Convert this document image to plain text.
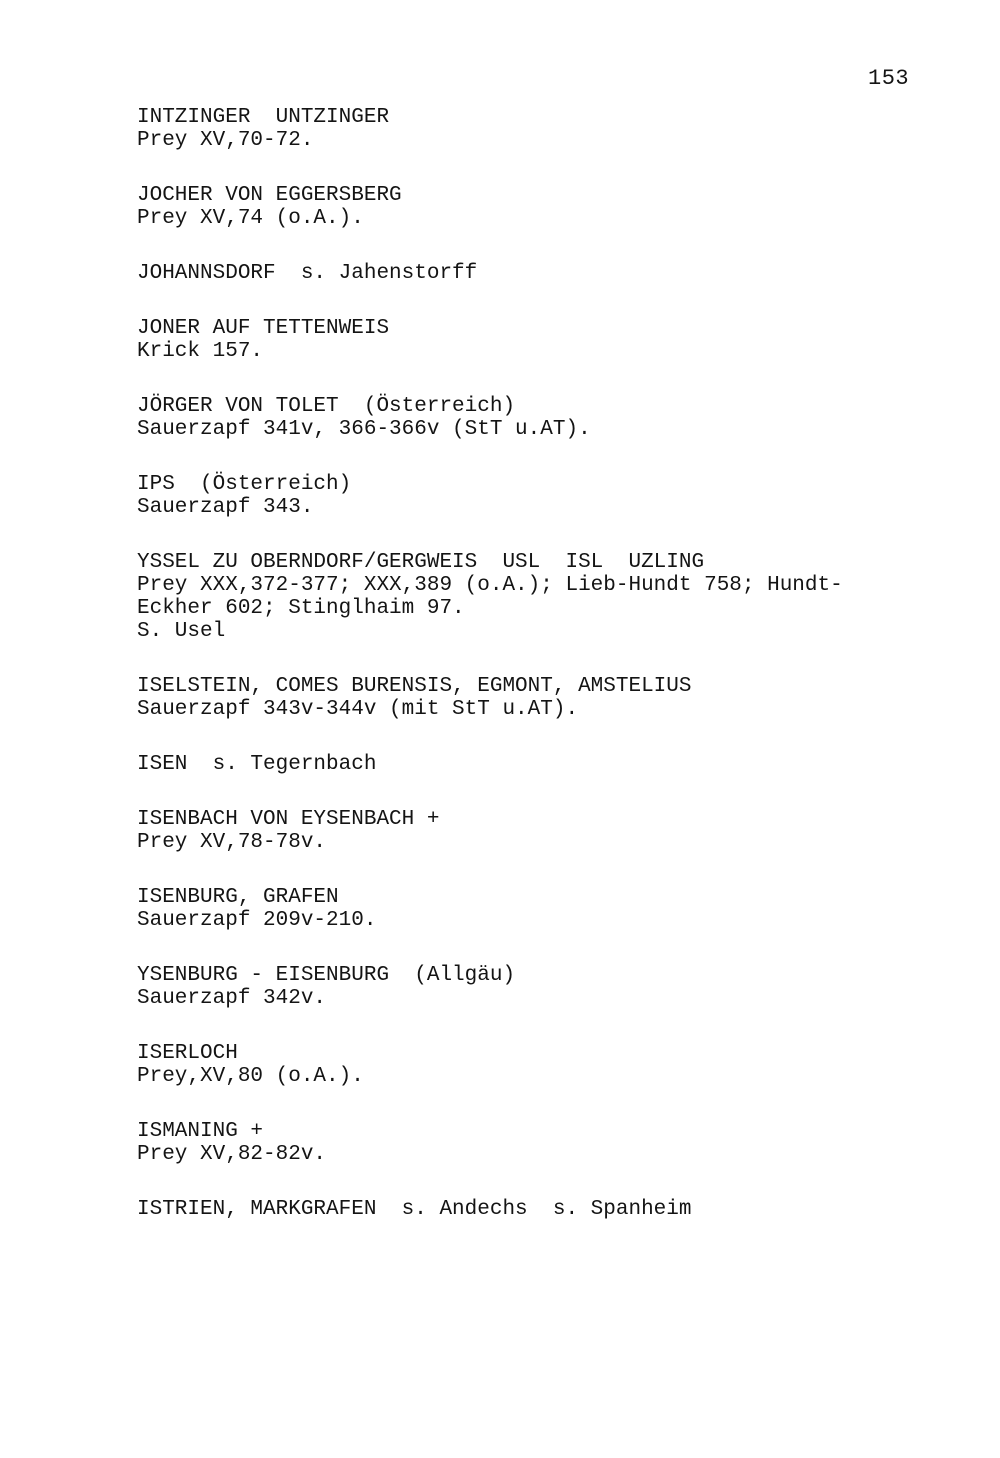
153
INTZINGER  UNTZINGER
Prey XV,70-72.
JOCHER VON EGGERSBERG
Prey XV,74 (o.A.).
JOHANNSDORF  s. Jahenstorff
JONER AUF TETTENWEIS
Krick 157.
JÖRGER VON TOLET  (Österreich)
Sauerzapf 341v, 366-366v (StT u.AT).
IPS  (Österreich)
Sauerzapf 343.
YSSEL ZU OBERNDORF/GERGWEIS  USL  ISL  UZLING
Prey XXX,372-377; XXX,389 (o.A.); Lieb-Hundt 758; Hundt-
Eckher 602; Stinglhaim 97.
S. Usel
ISELSTEIN, COMES BURENSIS, EGMONT, AMSTELIUS
Sauerzapf 343v-344v (mit StT u.AT).
ISEN  s. Tegernbach
ISENBACH VON EYSENBACH +
Prey XV,78-78v.
ISENBURG, GRAFEN
Sauerzapf 209v-210.
YSENBURG - EISENBURG  (Allgäu)
Sauerzapf 342v.
ISERLOCH
Prey,XV,80 (o.A.).
ISMANING +
Prey XV,82-82v.
ISTRIEN, MARKGRAFEN  s. Andechs  s. Spanheim
